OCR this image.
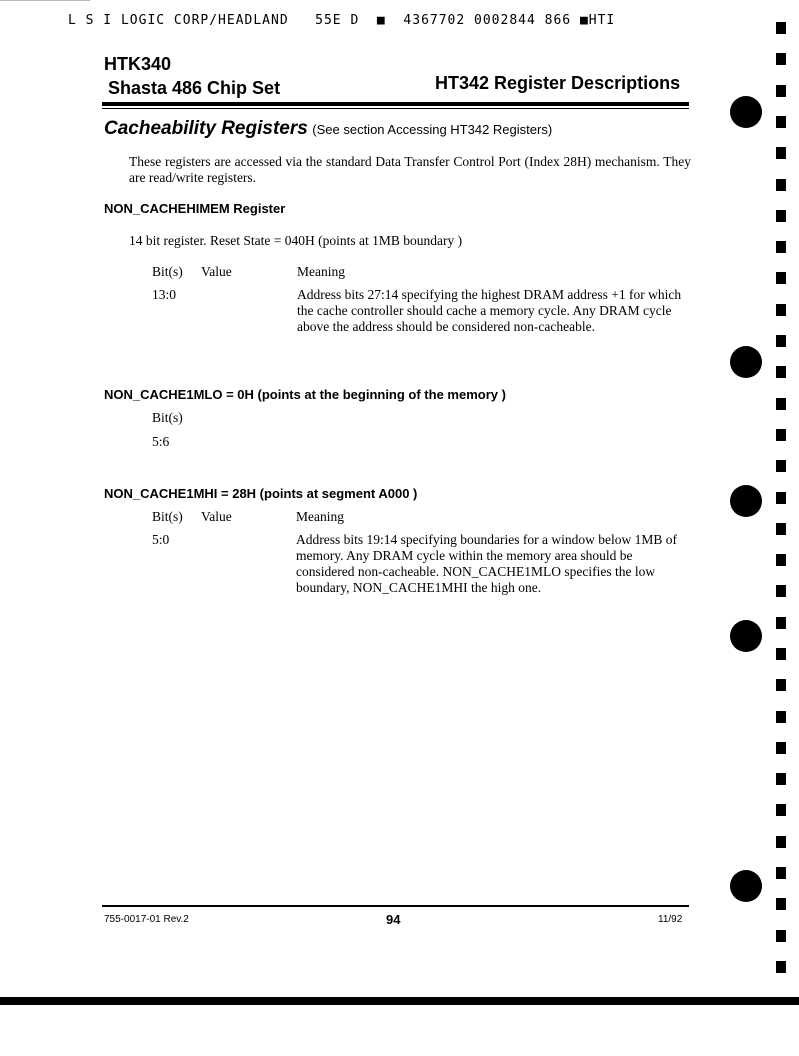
L S I LOGIC CORP/HEADLAND   55E D  ■  4367702 0002844 866 ■HTI
HTK340
Shasta 486 Chip Set	HT342 Register Descriptions
Cacheability Registers (See section Accessing HT342 Registers)
These registers are accessed via the standard Data Transfer Control Port (Index 28H) mechanism. They are read/write registers.
NON_CACHEHIMEM Register
14 bit register. Reset State = 040H (points at 1MB boundary )
Bit(s) Value	Meaning
13:0	Address bits 27:14 specifying the highest DRAM address +1 for which the cache controller should cache a memory cycle. Any DRAM cycle above the address should be considered non-cacheable.
NON_CACHE1MLO = 0H (points at the beginning of the memory )
Bit(s)
5:6
NON_CACHE1MHI = 28H (points at segment A000 )
Bit(s) Value	Meaning
5:0	Address bits 19:14 specifying boundaries for a window below 1MB of memory. Any DRAM cycle within the memory area should be considered non-cacheable. NON_CACHE1MLO specifies the low boundary, NON_CACHE1MHI the high one.
755-0017-01 Rev.2	94	11/92
